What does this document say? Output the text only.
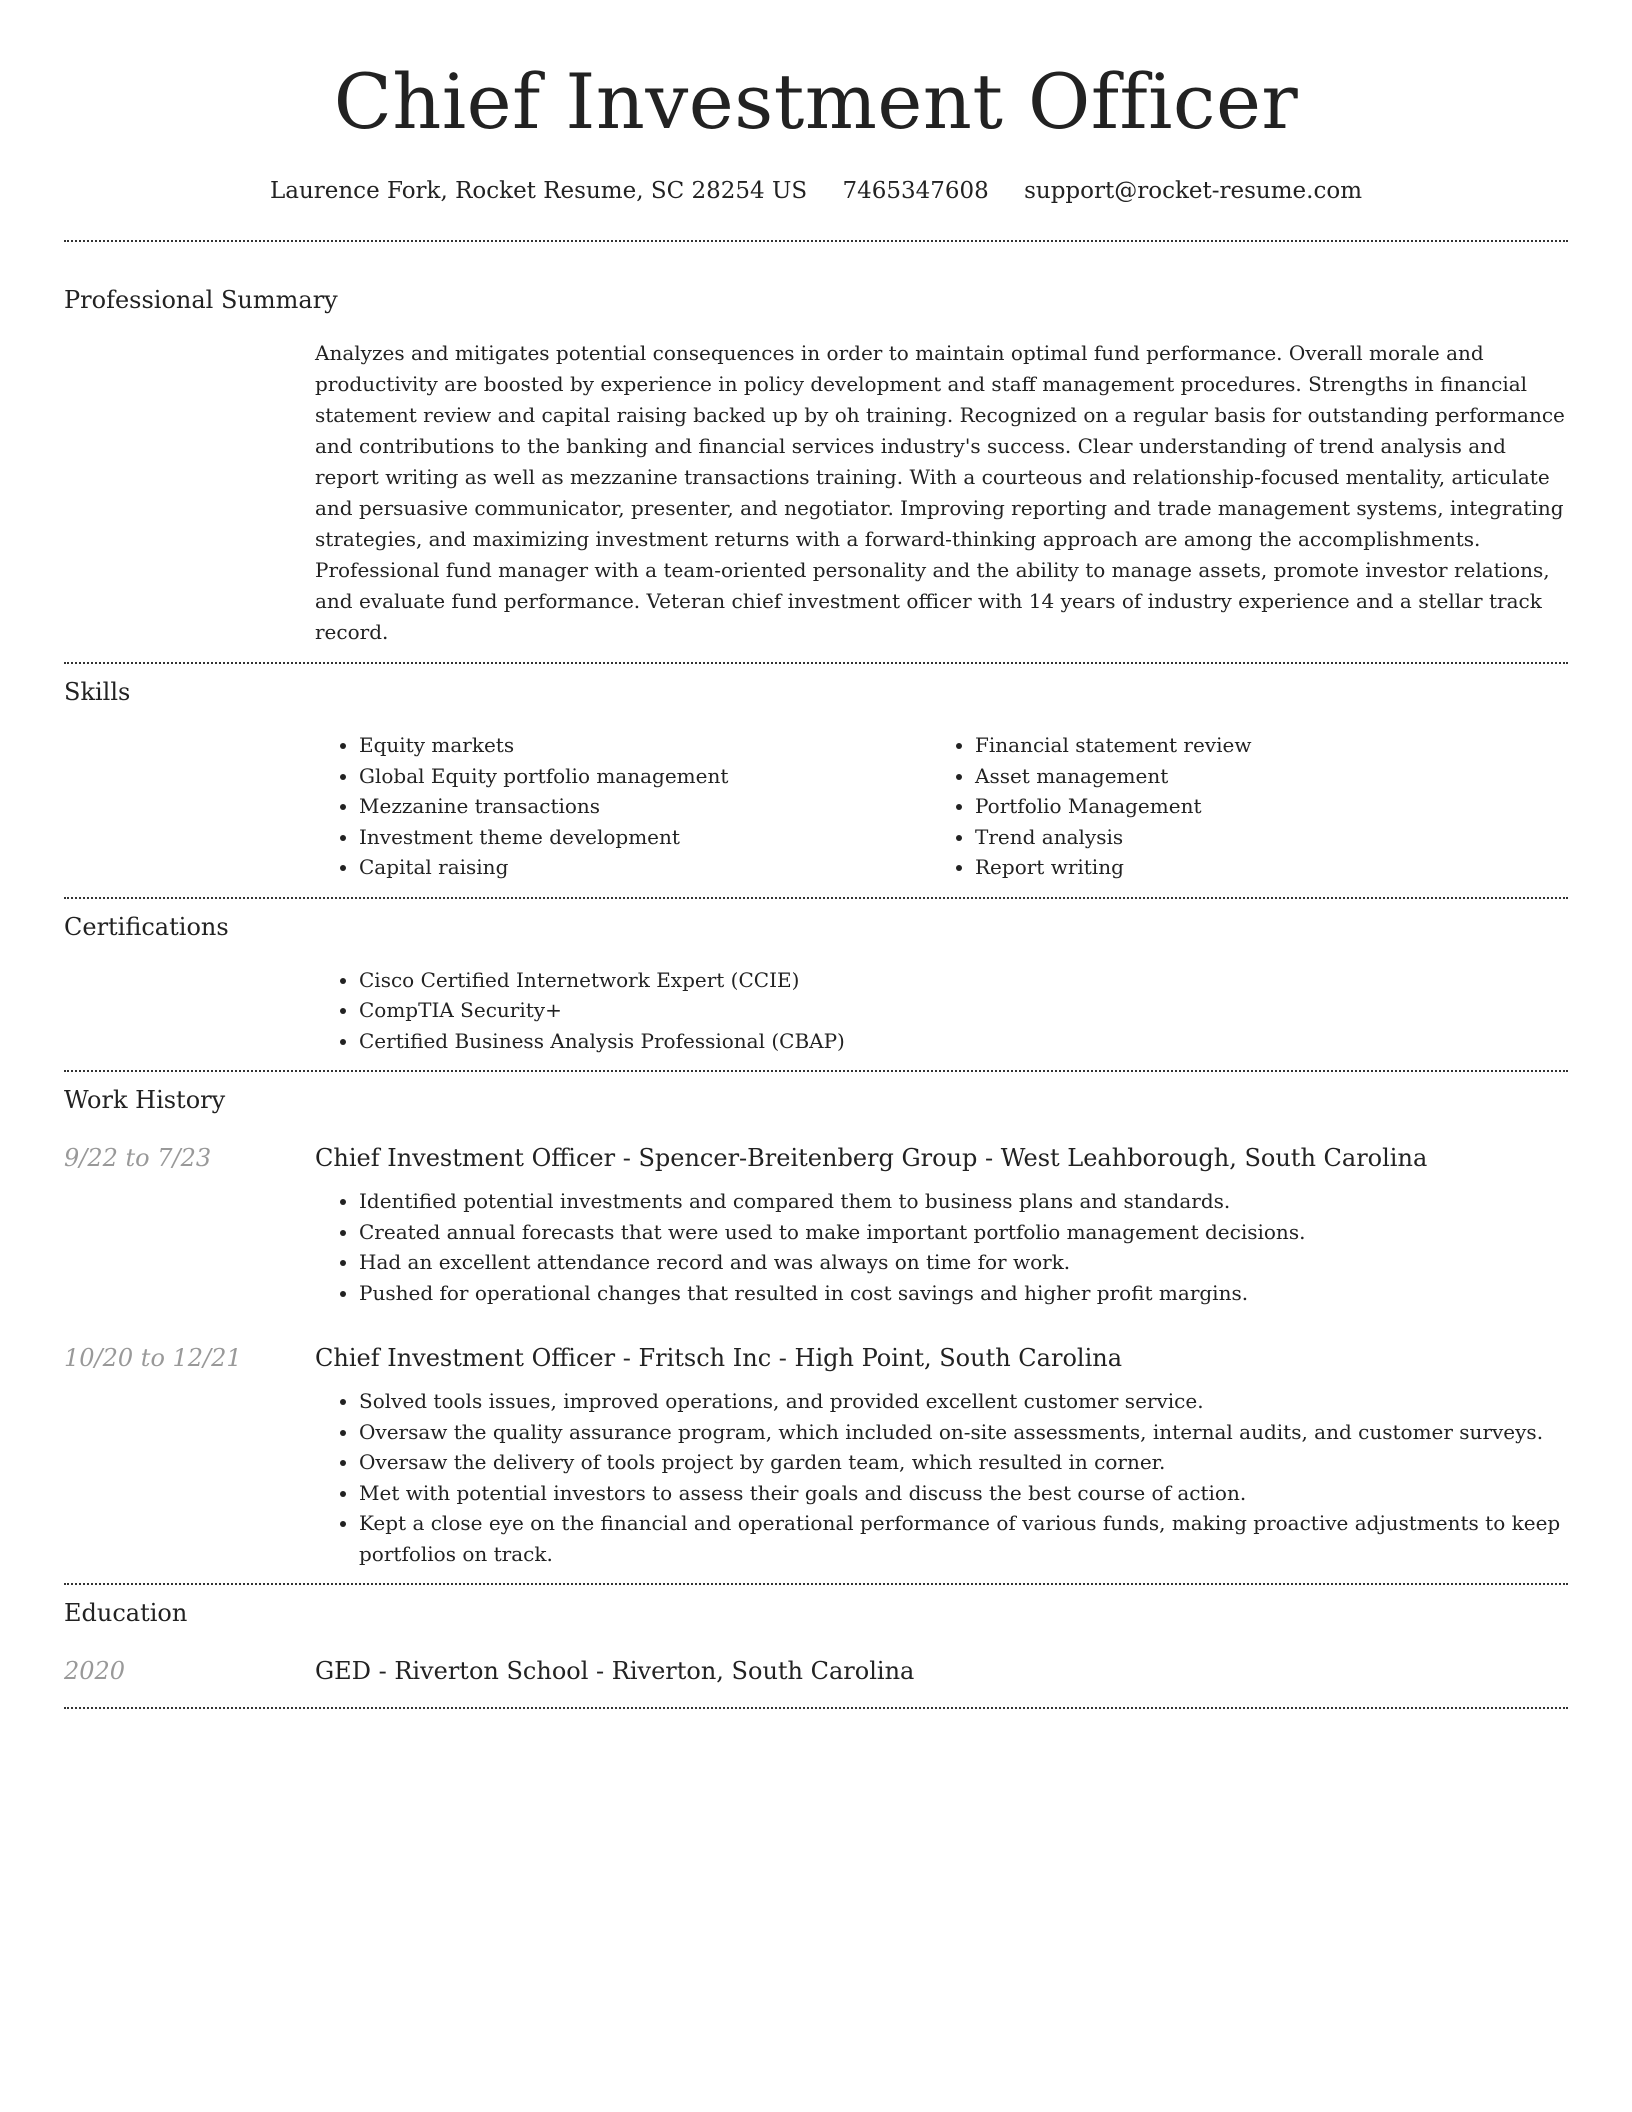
Chief Investment Officer
Laurence Fork, Rocket Resume, SC 28254 US 7465347608 support@rocket-resume.com
Professional Summary
Analyzes and mitigates potential consequences in order to maintain optimal fund performance. Overall morale and productivity are boosted by experience in policy development and staff management procedures. Strengths in financial statement review and capital raising backed up by oh training. Recognized on a regular basis for outstanding performance and contributions to the banking and financial services industry's success. Clear understanding of trend analysis and report writing as well as mezzanine transactions training. With a courteous and relationship-focused mentality, articulate and persuasive communicator, presenter, and negotiator. Improving reporting and trade management systems, integrating strategies, and maximizing investment returns with a forward-thinking approach are among the accomplishments. Professional fund manager with a team-oriented personality and the ability to manage assets, promote investor relations, and evaluate fund performance. Veteran chief investment officer with 14 years of industry experience and a stellar track record.
Skills
• Equity markets
• Global Equity portfolio management
• Mezzanine transactions
• Investment theme development
• Capital raising
• Financial statement review
• Asset management
• Portfolio Management
• Trend analysis
• Report writing
Certifications
• Cisco Certified Internetwork Expert (CCIE)
• CompTIA Security+
• Certified Business Analysis Professional (CBAP)
Work History
9/22 to 7/23	Chief Investment Officer - Spencer-Breitenberg Group - West Leahborough, South Carolina
• Identified potential investments and compared them to business plans and standards.
• Created annual forecasts that were used to make important portfolio management decisions.
• Had an excellent attendance record and was always on time for work.
• Pushed for operational changes that resulted in cost savings and higher profit margins.
10/20 to 12/21	Chief Investment Officer - Fritsch Inc - High Point, South Carolina
• Solved tools issues, improved operations, and provided excellent customer service.
• Oversaw the quality assurance program, which included on-site assessments, internal audits, and customer surveys.
• Oversaw the delivery of tools project by garden team, which resulted in corner.
• Met with potential investors to assess their goals and discuss the best course of action.
• Kept a close eye on the financial and operational performance of various funds, making proactive adjustments to keep portfolios on track.
Education
2020	GED - Riverton School - Riverton, South Carolina
